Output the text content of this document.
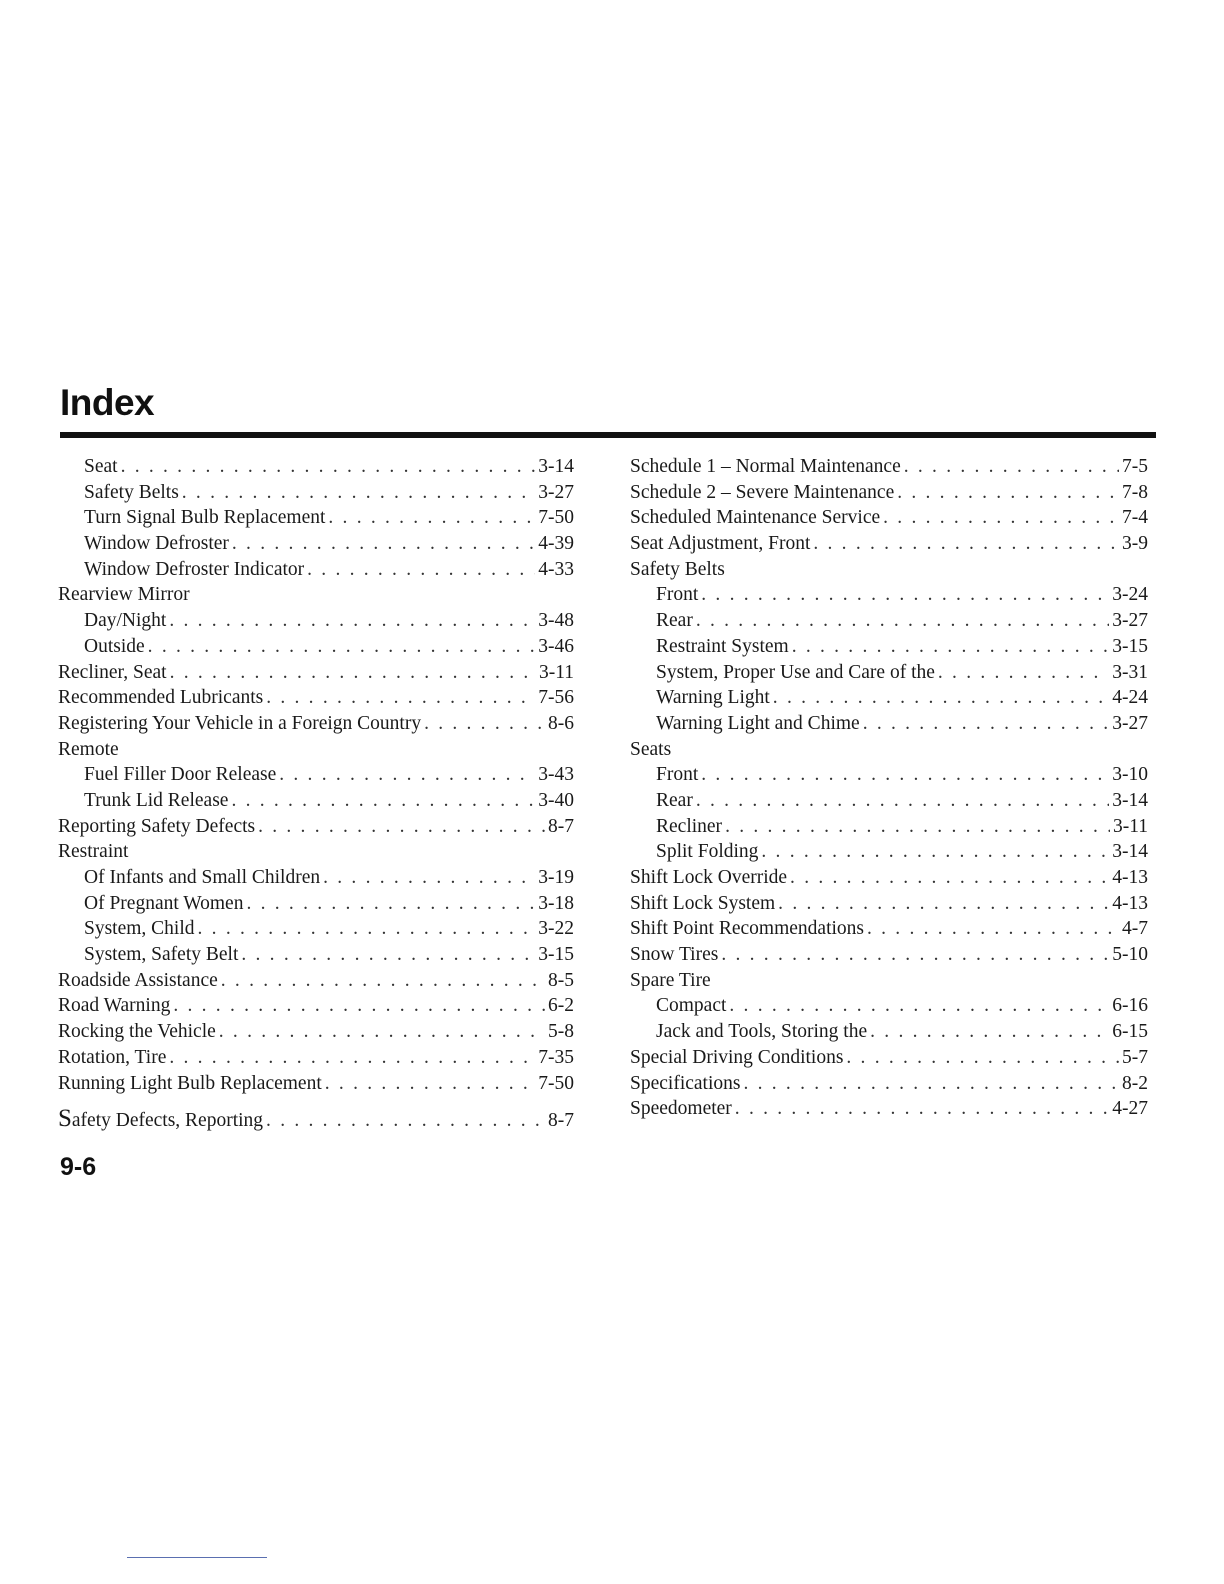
Index
Seat . . .	3-14
Safety Belts . . .	3-27
Turn Signal Bulb Replacement . . .	7-50
Window Defroster . . .	4-39
Window Defroster Indicator . . .	4-33
Rearview Mirror
Day/Night . . .	3-48
Outside . . .	3-46
Recliner, Seat . . .	3-11
Recommended Lubricants . . .	7-56
Registering Your Vehicle in a Foreign Country . . .	8-6
Remote
Fuel Filler Door Release . . .	3-43
Trunk Lid Release . . .	3-40
Reporting Safety Defects . . .	8-7
Restraint
Of Infants and Small Children . . .	3-19
Of Pregnant Women . . .	3-18
System, Child . . .	3-22
System, Safety Belt . . .	3-15
Roadside Assistance . . .	8-5
Road Warning . . .	6-2
Rocking the Vehicle . . .	5-8
Rotation, Tire . . .	7-35
Running Light Bulb Replacement . . .	7-50
Safety Defects, Reporting . . .	8-7
Schedule 1 – Normal Maintenance . . .	7-5
Schedule 2 – Severe Maintenance . . .	7-8
Scheduled Maintenance Service . . .	7-4
Seat Adjustment, Front . . .	3-9
Safety Belts
Front . . .	3-24
Rear . . .	3-27
Restraint System . . .	3-15
System, Proper Use and Care of the . . .	3-31
Warning Light . . .	4-24
Warning Light and Chime . . .	3-27
Seats
Front . . .	3-10
Rear . . .	3-14
Recliner . . .	3-11
Split Folding . . .	3-14
Shift Lock Override . . .	4-13
Shift Lock System . . .	4-13
Shift Point Recommendations . . .	4-7
Snow Tires . . .	5-10
Spare Tire
Compact . . .	6-16
Jack and Tools, Storing the . . .	6-15
Special Driving Conditions . . .	5-7
Specifications . . .	8-2
Speedometer . . .	4-27
9-6
